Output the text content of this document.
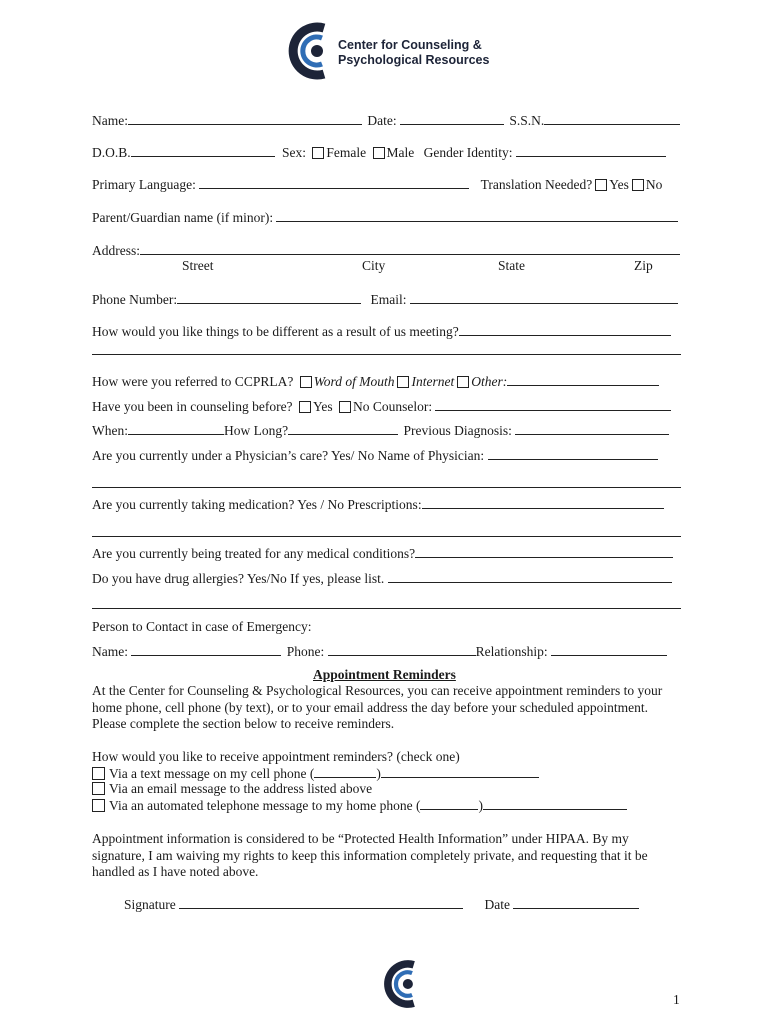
Center for Counseling &
Psychological Resources
Name:	Date:	S.S.N.
D.O.B.	Sex: Female Male Gender Identity:
Primary Language:	Translation Needed? Yes No
Parent/Guardian name (if minor):
Address:
Street	City	State	Zip
Phone Number:	Email:
How would you like things to be different as a result of us meeting?
How were you referred to CCPRLA? Word of Mouth Internet Other:
Have you been in counseling before? Yes No Counselor:
When:	How Long?	Previous Diagnosis:
Are you currently under a Physician’s care? Yes/ No Name of Physician:
Are you currently taking medication? Yes / No Prescriptions:
Are you currently being treated for any medical conditions?
Do you have drug allergies? Yes/No If yes, please list.
Person to Contact in case of Emergency:
Name:	Phone:	Relationship:
Appointment Reminders
At the Center for Counseling & Psychological Resources, you can receive appointment reminders to your home phone, cell phone (by text), or to your email address the day before your scheduled appointment. Please complete the section below to receive reminders.
How would you like to receive appointment reminders? (check one)
Via a text message on my cell phone (	)
Via an email message to the address listed above
Via an automated telephone message to my home phone (	)
Appointment information is considered to be “Protected Health Information” under HIPAA. By my signature, I am waiving my rights to keep this information completely private, and requesting that it be handled as I have noted above.
Signature	Date
1
